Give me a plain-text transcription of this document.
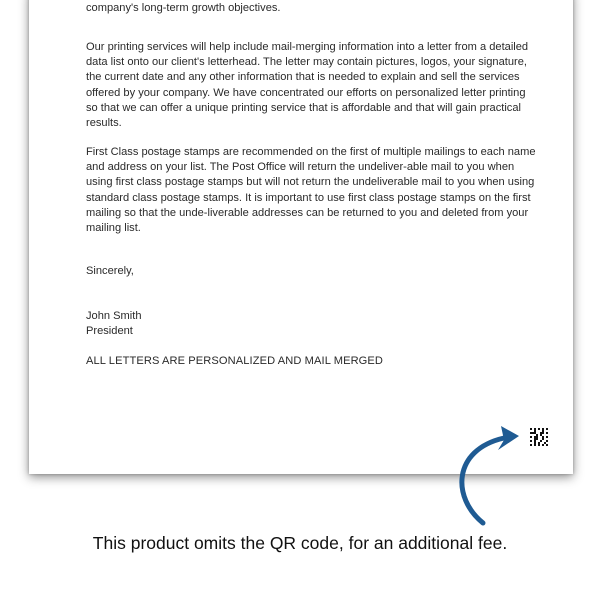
company's long-term growth objectives.

Our printing services will help include mail-merging information into a letter from a detailed data list onto our client's letterhead. The letter may contain pictures, logos, your signature, the current date and any other information that is needed to explain and sell the services offered by your company. We have concentrated our efforts on personalized letter printing so that we can offer a unique printing service that is affordable and that will gain practical results.

First Class postage stamps are recommended on the first of multiple mailings to each name and address on your list. The Post Office will return the undeliver-able mail to you when using first class postage stamps but will not return the undeliverable mail to you when using standard class postage stamps. It is important to use first class postage stamps on the first mailing so that the unde-liverable addresses can be returned to you and deleted from your mailing list.

Sincerely,

John Smith

President

ALL LETTERS ARE PERSONALIZED AND MAIL MERGED

This product omits the QR code, for an additional fee.
